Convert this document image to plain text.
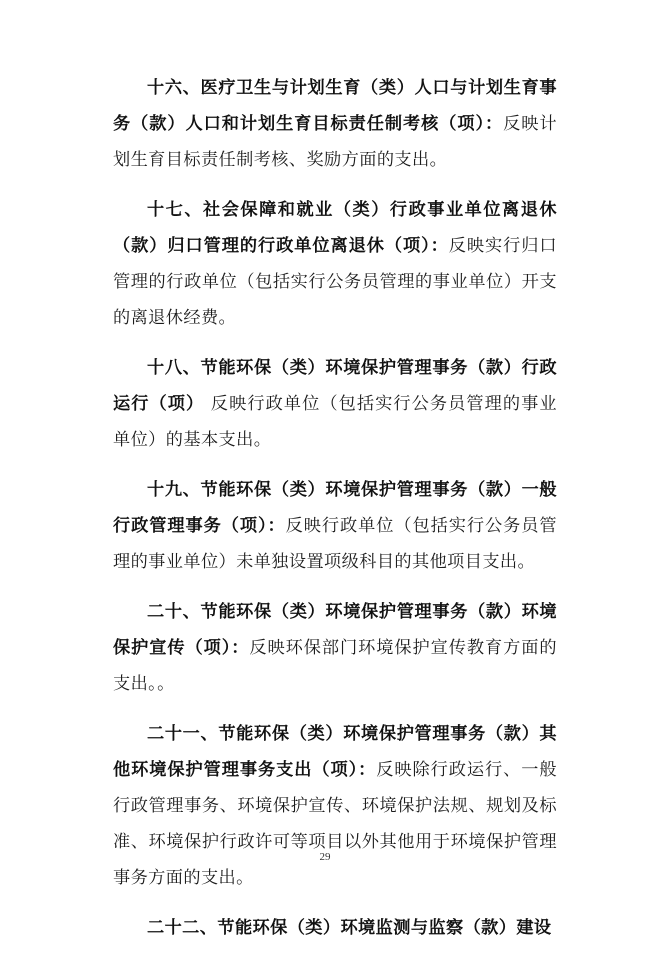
十六、医疗卫生与计划生育（类）人口与计划生育事务（款）人口和计划生育目标责任制考核（项）：反映计划生育目标责任制考核、奖励方面的支出。

十七、社会保障和就业（类）行政事业单位离退休（款）归口管理的行政单位离退休（项）：反映实行归口管理的行政单位（包括实行公务员管理的事业单位）开支的离退休经费。

十八、节能环保（类）环境保护管理事务（款）行政运行（项） 反映行政单位（包括实行公务员管理的事业单位）的基本支出。

十九、节能环保（类）环境保护管理事务（款）一般行政管理事务（项）：反映行政单位（包括实行公务员管理的事业单位）未单独设置项级科目的其他项目支出。

二十、节能环保（类）环境保护管理事务（款）环境保护宣传（项）：反映环保部门环境保护宣传教育方面的支出。。

二十一、节能环保（类）环境保护管理事务（款）其他环境保护管理事务支出（项）：反映除行政运行、一般行政管理事务、环境保护宣传、环境保护法规、规划及标准、环境保护行政许可等项目以外其他用于环境保护管理事务方面的支出。

二十二、节能环保（类）环境监测与监察（款）建设

29
